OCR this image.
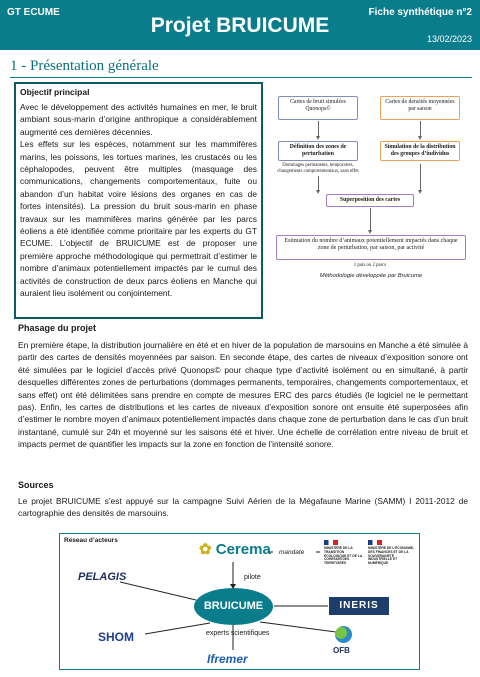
GT ECUME
Projet BRUICUME
Fiche synthétique n°2
13/02/2023
1 - Présentation générale
Objectif principal

Avec le développement des activités humaines en mer, le bruit ambiant sous-marin d’origine anthropique a considérablement augmenté ces dernières décennies.

Les effets sur les espèces, notamment sur les mammifères marins, les poissons, les tortues marines, les crustacés ou les céphalopodes, peuvent être multiples (masquage des communications, changements comportementaux, fuite ou abandon d’un habitat voire lésions des organes en cas de fortes intensités). La pression du bruit sous-marin en phase travaux sur les mammifères marins générée par les parcs éoliens a été identifiée comme prioritaire par les experts du GT ECUME. L’objectif de BRUICUME est de proposer une première approche méthodologique qui permettrait d’estimer le nombre d’animaux potentiellement impactés par le cumul des activités de construction de deux parcs éoliens en Manche qui auraient lieu isolément ou conjointement.

Cartes de bruit simulées Quonops©
Cartes de densités moyennées par saison
Définition des zones de perturbation
Dommages permanents, temporaires, changements comportementaux, sans effet
Simulation de la distribution des groupes d’individus
Superposition des cartes
Estimation du nombre d’animaux potentiellement impactés dans chaque zone de perturbation, par saison, par activité
1 puis ou 2 parcs
Méthodologie développée par Bruicume
Phasage du projet
En première étape, la distribution journalière en été et en hiver de la population de marsouins en Manche a été simulée à partir des cartes de densités moyennées par saison. En seconde étape, des cartes de niveaux d’exposition sonore ont été simulées par le logiciel d’accès privé Quonops© pour chaque type d’activité isolément ou en simultané, à partir desquelles différentes zones de perturbations (dommages permanents, temporaires, changements comportementaux, et sans effet) ont été délimitées sans prendre en compte de mesures ERC des parcs étudiés (le logiciel ne le permettant pas). Enfin, les cartes de distributions et les cartes de niveaux d’exposition sonore ont ensuite été superposées afin d’estimer le nombre moyen d’animaux potentiellement impactés dans chaque zone de perturbation dans le cas d’un bruit instantané, cumulé sur 24h et moyenné sur les saisons été et hiver. Une échelle de corrélation entre niveau de bruit et impacts permet de quantifier les impacts sur la zone en fonction de l’intensité sonore.
Sources
Le projet BRUICUME s’est appuyé sur la campagne Suivi Aérien de la Mégafaune Marine (SAMM) I 2011-2012 de cartographie des densités de marsouins.
Réseau d’acteurs
✿ Cerema mandate
MINISTÈRE DE LA TRANSITION ÉCOLOGIQUE ET DE LA COHÉSION DES TERRITOIRES
MINISTÈRE DE L’ÉCONOMIE, DES FINANCES ET DE LA SOUVERAINETÉ INDUSTRIELLE ET NUMÉRIQUE
pilote
BRUICUME
PELAGIS
INERIS
experts scientifiques
SHOM
Ifremer
OFB
